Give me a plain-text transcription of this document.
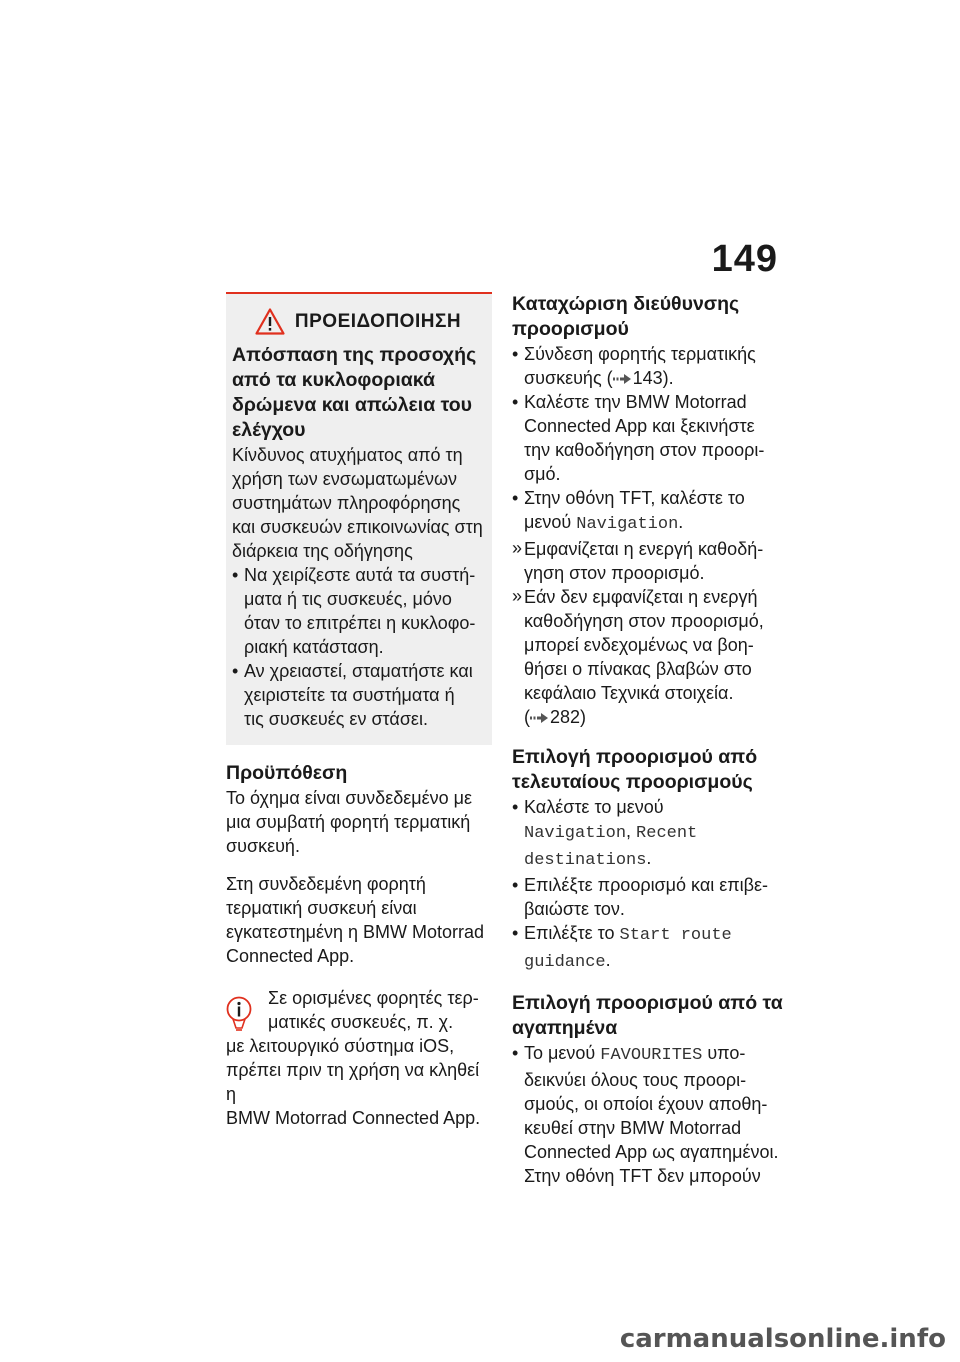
149
ΠΡΟΕΙΔΟΠΟΙΗΣΗ
Απόσπαση της προσοχής
από τα κυκλοφοριακά
δρώμενα και απώλεια του
ελέγχου
Κίνδυνος ατυχήματος από τη
χρήση των ενσωματωμένων
συστημάτων πληροφόρησης
και συσκευών επικοινωνίας στη
διάρκεια της οδήγησης
• Να χειρίζεστε αυτά τα συστή-
ματα ή τις συσκευές, μόνο
όταν το επιτρέπει η κυκλοφο-
ριακή κατάσταση.
• Αν χρειαστεί, σταματήστε και
χειριστείτε τα συστήματα ή
τις συσκευές εν στάσει.
Προϋπόθεση
Το όχημα είναι συνδεδεμένο με
μια συμβατή φορητή τερματική
συσκευή.
Στη συνδεδεμένη φορητή
τερματική συσκευή είναι
εγκατεστημένη η BMW Motorrad
Connected App.
Σε ορισμένες φορητές τερ-
ματικές συσκευές, π. χ.
με λειτουργικό σύστημα iOS,
πρέπει πριν τη χρήση να κληθεί η
BMW Motorrad Connected App.
Καταχώριση διεύθυνσης
προορισμού
• Σύνδεση φορητής τερματικής
συσκευής ( 143).
• Καλέστε την BMW Motorrad
Connected App και ξεκινήστε
την καθοδήγηση στον προορι-
σμό.
• Στην οθόνη TFT, καλέστε το
μενού Navigation.
» Εμφανίζεται η ενεργή καθοδή-
γηση στον προορισμό.
» Εάν δεν εμφανίζεται η ενεργή
καθοδήγηση στον προορισμό,
μπορεί ενδεχομένως να βοη-
θήσει ο πίνακας βλαβών στο
κεφάλαιο Τεχνικά στοιχεία.
( 282)
Επιλογή προορισμού από
τελευταίους προορισμούς
• Καλέστε το μενού
Navigation, Recent
destinations.
• Επιλέξτε προορισμό και επιβε-
βαιώστε τον.
• Επιλέξτε το Start route
guidance.
Επιλογή προορισμού από τα
αγαπημένα
• Το μενού FAVOURITES υπο-
δεικνύει όλους τους προορι-
σμούς, οι οποίοι έχουν αποθη-
κευθεί στην BMW Motorrad
Connected App ως αγαπημένοι.
Στην οθόνη TFT δεν μπορούν
carmanualsonline.info
